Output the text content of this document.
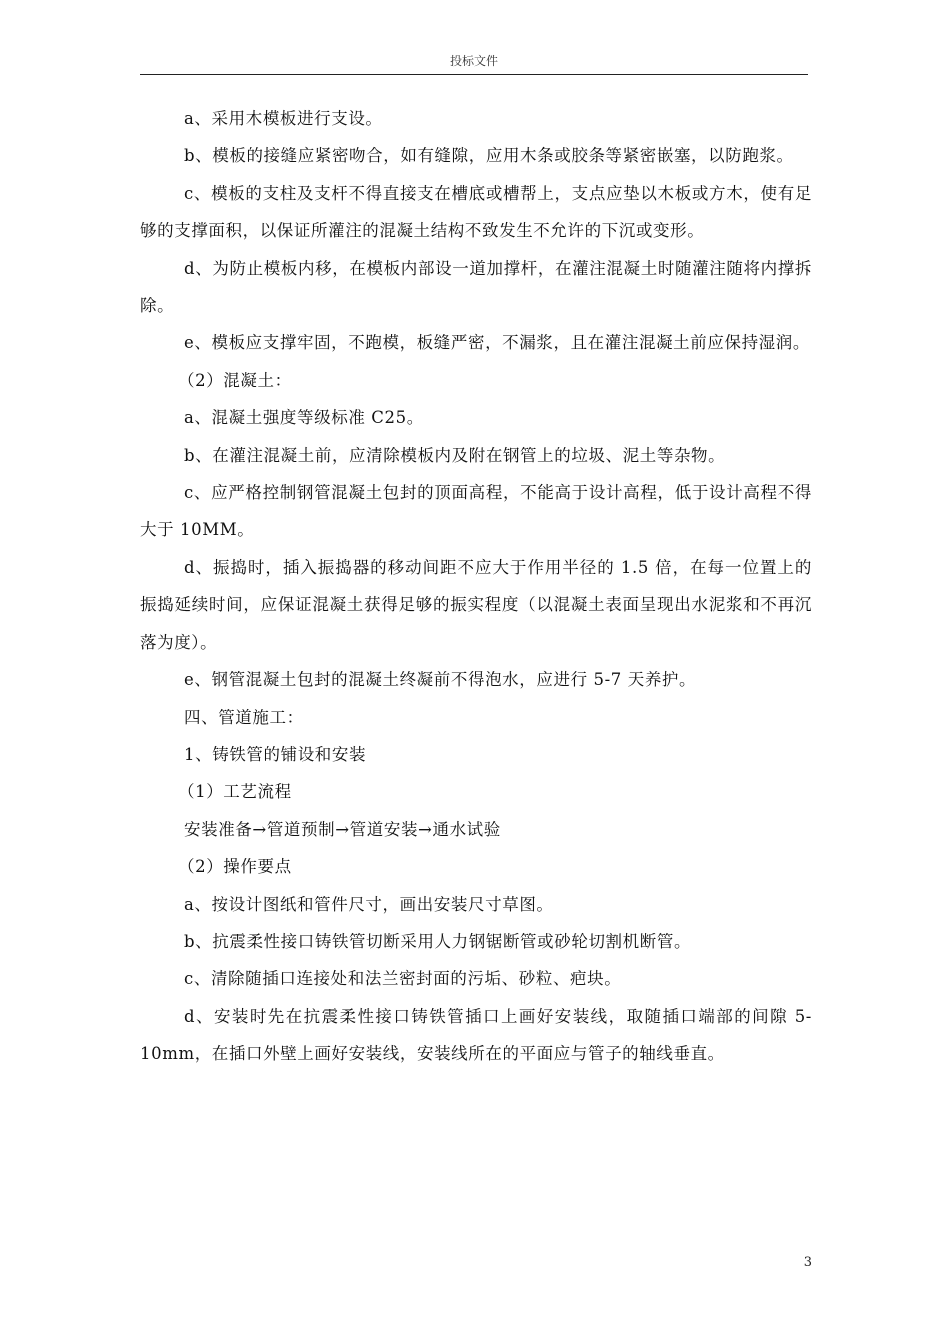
投标文件

a、采用木模板进行支设。

b、模板的接缝应紧密吻合，如有缝隙，应用木条或胶条等紧密嵌塞，以防跑浆。

c、模板的支柱及支杆不得直接支在槽底或槽帮上，支点应垫以木板或方木，使有足够的支撑面积，以保证所灌注的混凝土结构不致发生不允许的下沉或变形。

d、为防止模板内移，在模板内部设一道加撑杆，在灌注混凝土时随灌注随将内撑拆除。

e、模板应支撑牢固，不跑模，板缝严密，不漏浆，且在灌注混凝土前应保持湿润。

（2）混凝土：

a、混凝土强度等级标准 C25。

b、在灌注混凝土前，应清除模板内及附在钢管上的垃圾、泥土等杂物。

c、应严格控制钢管混凝土包封的顶面高程，不能高于设计高程，低于设计高程不得大于 10MM。

d、振捣时，插入振捣器的移动间距不应大于作用半径的 1.5 倍，在每一位置上的振捣延续时间，应保证混凝土获得足够的振实程度（以混凝土表面呈现出水泥浆和不再沉落为度）。

e、钢管混凝土包封的混凝土终凝前不得泡水，应进行 5-7 天养护。

四、管道施工：

1、铸铁管的铺设和安装

（1）工艺流程

安装准备→管道预制→管道安装→通水试验

（2）操作要点

a、按设计图纸和管件尺寸，画出安装尺寸草图。

b、抗震柔性接口铸铁管切断采用人力钢锯断管或砂轮切割机断管。

c、清除随插口连接处和法兰密封面的污垢、砂粒、疤块。

d、安装时先在抗震柔性接口铸铁管插口上画好安装线，取随插口端部的间隙 5-10mm，在插口外壁上画好安装线，安装线所在的平面应与管子的轴线垂直。

3
